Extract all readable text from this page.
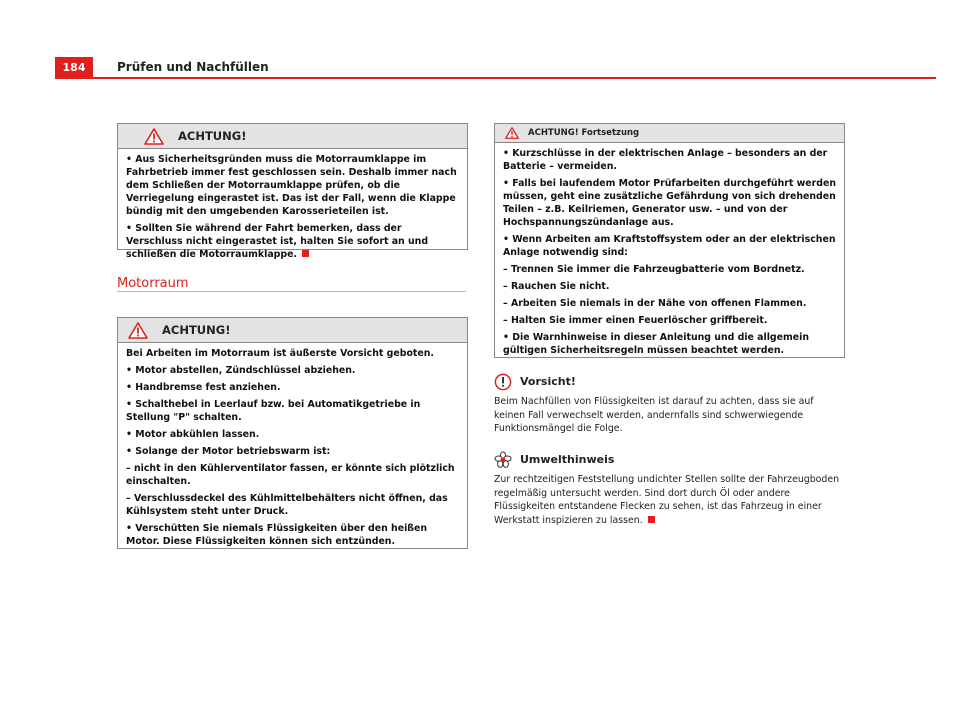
184	Prüfen und Nachfüllen
ACHTUNG!

• Aus Sicherheitsgründen muss die Motorraumklappe im Fahrbetrieb immer fest geschlossen sein. Deshalb immer nach dem Schließen der Motorraumklappe prüfen, ob die Verriegelung eingerastet ist. Das ist der Fall, wenn die Klappe bündig mit den umgebenden Karosserieteilen ist.

• Sollten Sie während der Fahrt bemerken, dass der Verschluss nicht eingerastet ist, halten Sie sofort an und schließen die Motorraumklappe.

Motorraum
ACHTUNG!

Bei Arbeiten im Motorraum ist äußerste Vorsicht geboten.

• Motor abstellen, Zündschlüssel abziehen.

• Handbremse fest anziehen.

• Schalthebel in Leerlauf bzw. bei Automatikgetriebe in Stellung "P" schalten.

• Motor abkühlen lassen.

• Solange der Motor betriebswarm ist:

– nicht in den Kühlerventilator fassen, er könnte sich plötzlich einschalten.

– Verschlussdeckel des Kühlmittelbehälters nicht öffnen, das Kühlsystem steht unter Druck.

• Verschütten Sie niemals Flüssigkeiten über den heißen Motor. Diese Flüssigkeiten können sich entzünden.

ACHTUNG! Fortsetzung

• Kurzschlüsse in der elektrischen Anlage – besonders an der Batterie – vermeiden.

• Falls bei laufendem Motor Prüfarbeiten durchgeführt werden müssen, geht eine zusätzliche Gefährdung von sich drehenden Teilen – z.B. Keilriemen, Generator usw. – und von der Hochspannungszündanlage aus.

• Wenn Arbeiten am Kraftstoffsystem oder an der elektrischen Anlage notwendig sind:

– Trennen Sie immer die Fahrzeugbatterie vom Bordnetz.

– Rauchen Sie nicht.

– Arbeiten Sie niemals in der Nähe von offenen Flammen.

– Halten Sie immer einen Feuerlöscher griffbereit.

• Die Warnhinweise in dieser Anleitung und die allgemein gültigen Sicherheitsregeln müssen beachtet werden.

Vorsicht!

Beim Nachfüllen von Flüssigkeiten ist darauf zu achten, dass sie auf keinen Fall verwechselt werden, andernfalls sind schwerwiegende Funktionsmängel die Folge.

Umwelthinweis

Zur rechtzeitigen Feststellung undichter Stellen sollte der Fahrzeugboden regelmäßig untersucht werden. Sind dort durch Öl oder andere Flüssigkeiten entstandene Flecken zu sehen, ist das Fahrzeug in einer Werkstatt inspizieren zu lassen.
